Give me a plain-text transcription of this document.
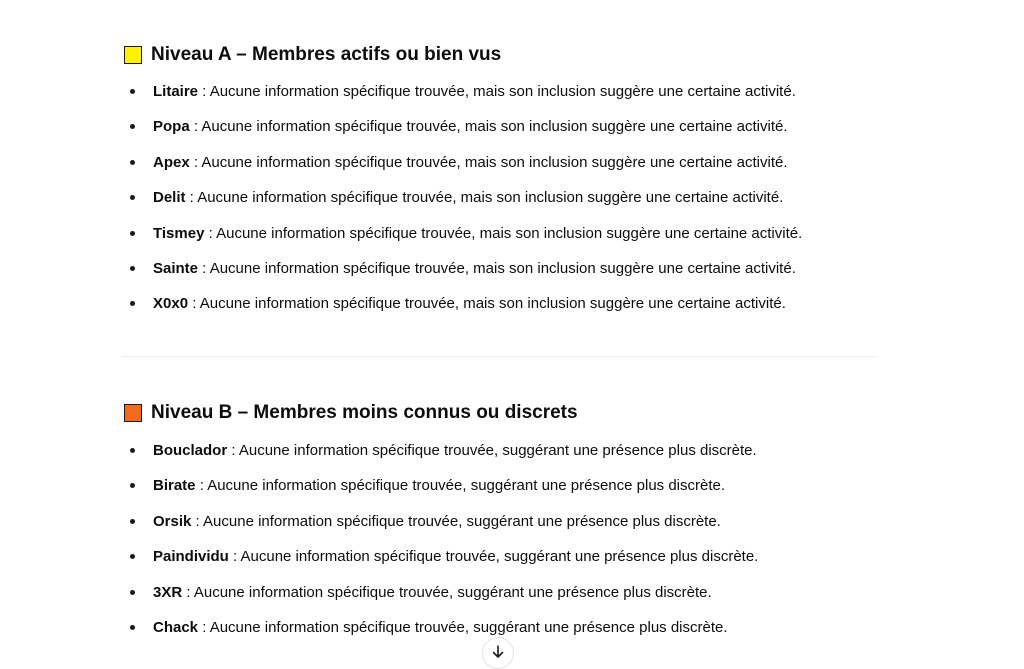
Niveau A – Membres actifs ou bien vus
Litaire : Aucune information spécifique trouvée, mais son inclusion suggère une certaine activité.
Popa : Aucune information spécifique trouvée, mais son inclusion suggère une certaine activité.
Apex : Aucune information spécifique trouvée, mais son inclusion suggère une certaine activité.
Delit : Aucune information spécifique trouvée, mais son inclusion suggère une certaine activité.
Tismey : Aucune information spécifique trouvée, mais son inclusion suggère une certaine activité.
Sainte : Aucune information spécifique trouvée, mais son inclusion suggère une certaine activité.
X0x0 : Aucune information spécifique trouvée, mais son inclusion suggère une certaine activité.
Niveau B – Membres moins connus ou discrets
Bouclador : Aucune information spécifique trouvée, suggérant une présence plus discrète.
Birate : Aucune information spécifique trouvée, suggérant une présence plus discrète.
Orsik : Aucune information spécifique trouvée, suggérant une présence plus discrète.
Paindividu : Aucune information spécifique trouvée, suggérant une présence plus discrète.
3XR : Aucune information spécifique trouvée, suggérant une présence plus discrète.
Chack : Aucune information spécifique trouvée, suggérant une présence plus discrète.
